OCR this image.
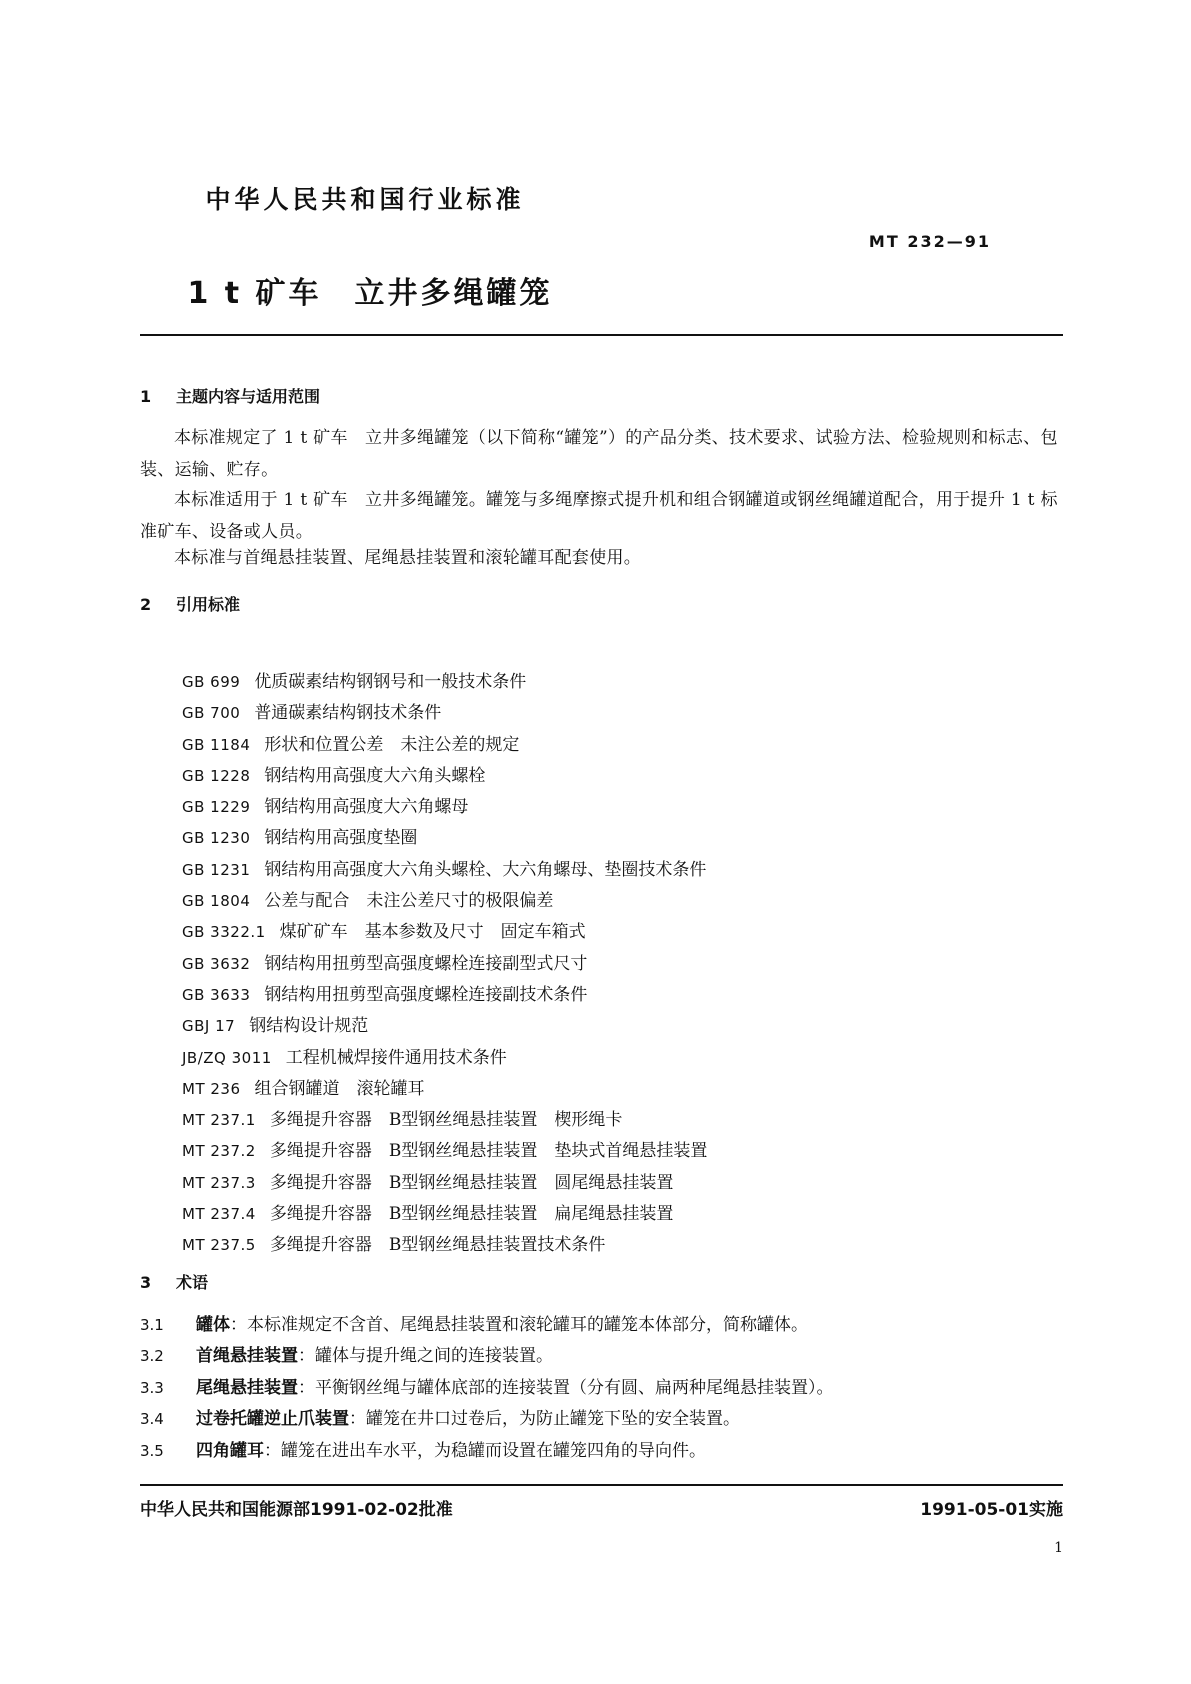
中华人民共和国行业标准
MT 232—91
1 t 矿车　立井多绳罐笼
1 主题内容与适用范围
本标准规定了 1 t 矿车　立井多绳罐笼（以下简称“罐笼”）的产品分类、技术要求、试验方法、检验规则和标志、包装、运输、贮存。
本标准适用于 1 t 矿车　立井多绳罐笼。罐笼与多绳摩擦式提升机和组合钢罐道或钢丝绳罐道配合，用于提升 1 t 标准矿车、设备或人员。
本标准与首绳悬挂装置、尾绳悬挂装置和滚轮罐耳配套使用。
2 引用标准
GB 699 优质碳素结构钢钢号和一般技术条件
GB 700 普通碳素结构钢技术条件
GB 1184 形状和位置公差　未注公差的规定
GB 1228 钢结构用高强度大六角头螺栓
GB 1229 钢结构用高强度大六角螺母
GB 1230 钢结构用高强度垫圈
GB 1231 钢结构用高强度大六角头螺栓、大六角螺母、垫圈技术条件
GB 1804 公差与配合　未注公差尺寸的极限偏差
GB 3322.1 煤矿矿车　基本参数及尺寸　固定车箱式
GB 3632 钢结构用扭剪型高强度螺栓连接副型式尺寸
GB 3633 钢结构用扭剪型高强度螺栓连接副技术条件
GBJ 17 钢结构设计规范
JB/ZQ 3011 工程机械焊接件通用技术条件
MT 236 组合钢罐道　滚轮罐耳
MT 237.1 多绳提升容器　B型钢丝绳悬挂装置　楔形绳卡
MT 237.2 多绳提升容器　B型钢丝绳悬挂装置　垫块式首绳悬挂装置
MT 237.3 多绳提升容器　B型钢丝绳悬挂装置　圆尾绳悬挂装置
MT 237.4 多绳提升容器　B型钢丝绳悬挂装置　扁尾绳悬挂装置
MT 237.5 多绳提升容器　B型钢丝绳悬挂装置技术条件
3 术语
3.1 罐体：本标准规定不含首、尾绳悬挂装置和滚轮罐耳的罐笼本体部分，简称罐体。
3.2 首绳悬挂装置：罐体与提升绳之间的连接装置。
3.3 尾绳悬挂装置：平衡钢丝绳与罐体底部的连接装置（分有圆、扁两种尾绳悬挂装置）。
3.4 过卷托罐逆止爪装置：罐笼在井口过卷后，为防止罐笼下坠的安全装置。
3.5 四角罐耳：罐笼在进出车水平，为稳罐而设置在罐笼四角的导向件。
中华人民共和国能源部1991-02-02批准	1991-05-01实施
1
